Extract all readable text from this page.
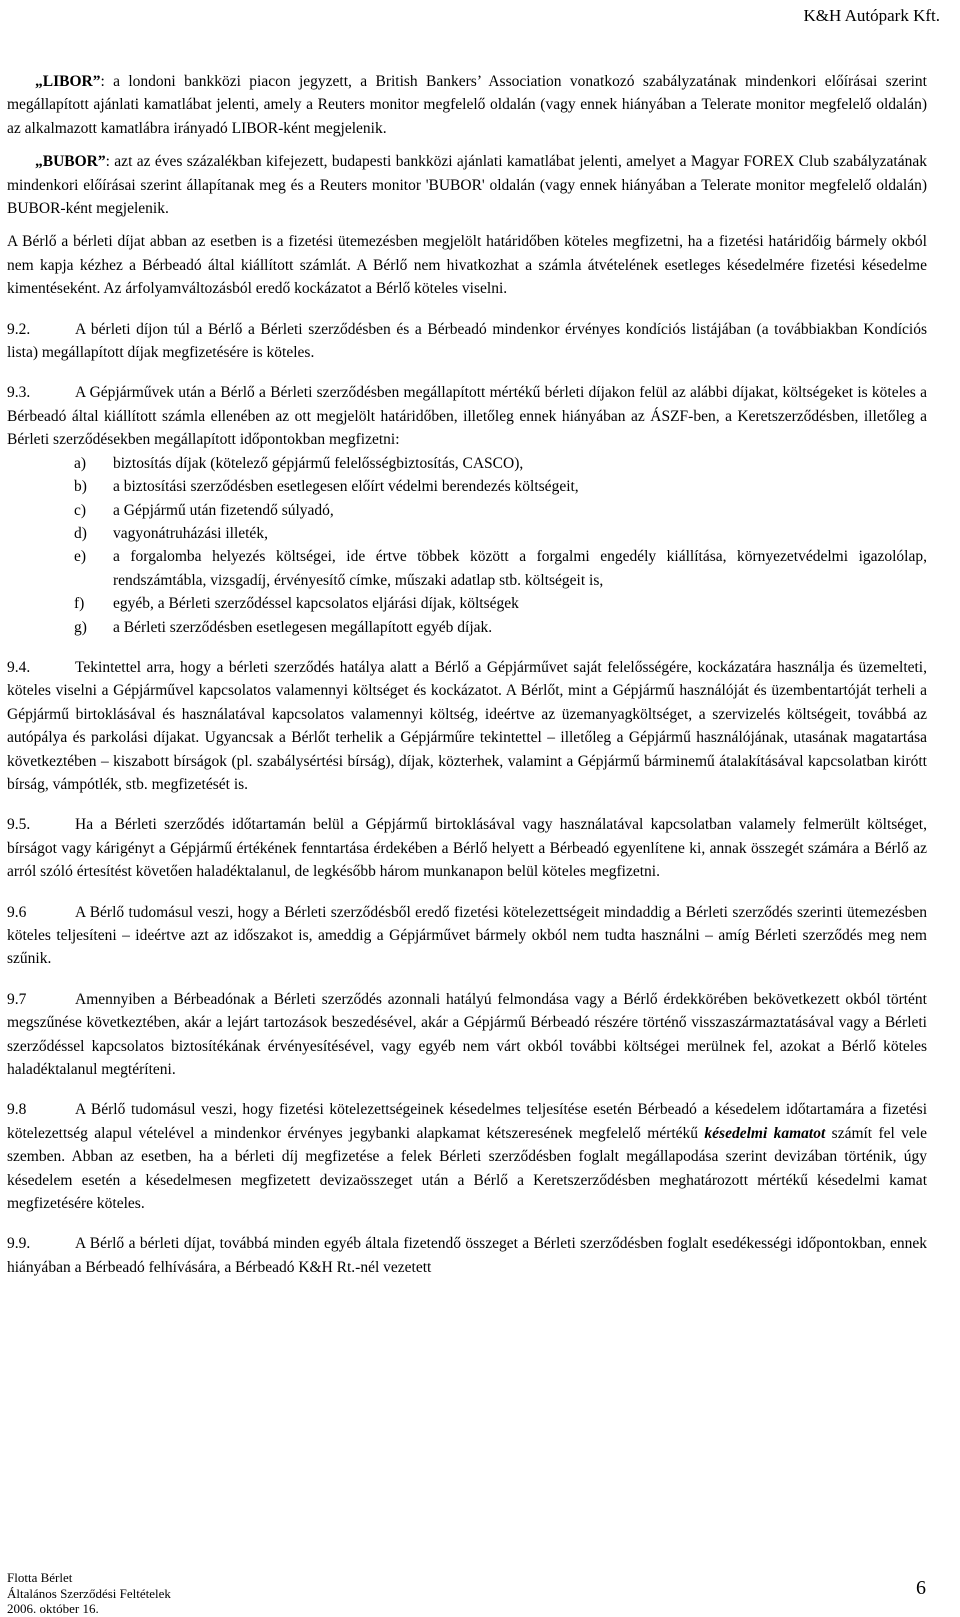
K&H Autópark Kft.

„LIBOR”: a londoni bankközi piacon jegyzett, a British Bankers’ Association vonatkozó szabályzatának mindenkori előírásai szerint megállapított ajánlati kamatlábat jelenti, amely a Reuters monitor megfelelő oldalán (vagy ennek hiányában a Telerate monitor megfelelő oldalán) az alkalmazott kamatlábra irányadó LIBOR-ként megjelenik.

„BUBOR”: azt az éves százalékban kifejezett, budapesti bankközi ajánlati kamatlábat jelenti, amelyet a Magyar FOREX Club szabályzatának mindenkori előírásai szerint állapítanak meg és a Reuters monitor 'BUBOR' oldalán (vagy ennek hiányában a Telerate monitor megfelelő oldalán) BUBOR-ként megjelenik.

A Bérlő a bérleti díjat abban az esetben is a fizetési ütemezésben megjelölt határidőben köteles megfizetni, ha a fizetési határidőig bármely okból nem kapja kézhez a Bérbeadó által kiállított számlát. A Bérlő nem hivatkozhat a számla átvételének esetleges késedelmére fizetési késedelme kimentéseként. Az árfolyamváltozásból eredő kockázatot a Bérlő köteles viselni.

9.2.	A bérleti díjon túl a Bérlő a Bérleti szerződésben és a Bérbeadó mindenkor érvényes kondíciós listájában (a továbbiakban Kondíciós lista) megállapított díjak megfizetésére is köteles.

9.3.	A Gépjárművek után a Bérlő a Bérleti szerződésben megállapított mértékű bérleti díjakon felül az alábbi díjakat, költségeket is köteles a Bérbeadó által kiállított számla ellenében az ott megjelölt határidőben, illetőleg ennek hiányában az ÁSZF-ben, a Keretszerződésben, illetőleg a Bérleti szerződésekben megállapított időpontokban megfizetni:

a) biztosítás díjak (kötelező gépjármű felelősségbiztosítás, CASCO),
b) a biztosítási szerződésben esetlegesen előírt védelmi berendezés költségeit,
c) a Gépjármű után fizetendő súlyadó,
d) vagyonátruházási illeték,
e) a forgalomba helyezés költségei, ide értve többek között a forgalmi engedély kiállítása, környezetvédelmi igazolólap, rendszámtábla, vizsgadíj, érvényesítő címke, műszaki adatlap stb. költségeit is,
f) egyéb, a Bérleti szerződéssel kapcsolatos eljárási díjak, költségek
g) a Bérleti szerződésben esetlegesen megállapított egyéb díjak.

9.4.	Tekintettel arra, hogy a bérleti szerződés hatálya alatt a Bérlő a Gépjárművet saját felelősségére, kockázatára használja és üzemelteti, köteles viselni a Gépjárművel kapcsolatos valamennyi költséget és kockázatot. A Bérlőt, mint a Gépjármű használóját és üzembentartóját terheli a Gépjármű birtoklásával és használatával kapcsolatos valamennyi költség, ideértve az üzemanyagköltséget, a szervizelés költségeit, továbbá az autópálya és parkolási díjakat. Ugyancsak a Bérlőt terhelik a Gépjárműre tekintettel – illetőleg a Gépjármű használójának, utasának magatartása következtében – kiszabott bírságok (pl. szabálysértési bírság), díjak, közterhek, valamint a Gépjármű bárminemű átalakításával kapcsolatban kirótt bírság, vámpótlék, stb. megfizetését is.

9.5.	Ha a Bérleti szerződés időtartamán belül a Gépjármű birtoklásával vagy használatával kapcsolatban valamely felmerült költséget, bírságot vagy kárigényt a Gépjármű értékének fenntartása érdekében a Bérlő helyett a Bérbeadó egyenlítene ki, annak összegét számára a Bérlő az arról szóló értesítést követően haladéktalanul, de legkésőbb három munkanapon belül köteles megfizetni.

9.6	A Bérlő tudomásul veszi, hogy a Bérleti szerződésből eredő fizetési kötelezettségeit mindaddig a Bérleti szerződés szerinti ütemezésben köteles teljesíteni – ideértve azt az időszakot is, ameddig a Gépjárművet bármely okból nem tudta használni – amíg Bérleti szerződés meg nem szűnik.

9.7	Amennyiben a Bérbeadónak a Bérleti szerződés azonnali hatályú felmondása vagy a Bérlő érdekkörében bekövetkezett okból történt megszűnése következtében, akár a lejárt tartozások beszedésével, akár a Gépjármű Bérbeadó részére történő visszaszármaztatásával vagy a Bérleti szerződéssel kapcsolatos biztosítékának érvényesítésével, vagy egyéb nem várt okból további költségei merülnek fel, azokat a Bérlő köteles haladéktalanul megtéríteni.

9.8	A Bérlő tudomásul veszi, hogy fizetési kötelezettségeinek késedelmes teljesítése esetén Bérbeadó a késedelem időtartamára a fizetési kötelezettség alapul vételével a mindenkor érvényes jegybanki alapkamat kétszeresének megfelelő mértékű késedelmi kamatot számít fel vele szemben. Abban az esetben, ha a bérleti díj megfizetése a felek Bérleti szerződésben foglalt megállapodása szerint devizában történik, úgy késedelem esetén a késedelmesen megfizetett devizaösszeget után a Bérlő a Keretszerződésben meghatározott mértékű késedelmi kamat megfizetésére köteles.

9.9.	A Bérlő a bérleti díjat, továbbá minden egyéb általa fizetendő összeget a Bérleti szerződésben foglalt esedékességi időpontokban, ennek hiányában a Bérbeadó felhívására, a Bérbeadó K&H Rt.-nél vezetett

Flotta Bérlet
Általános Szerződési Feltételek
2006. október 16.
6
